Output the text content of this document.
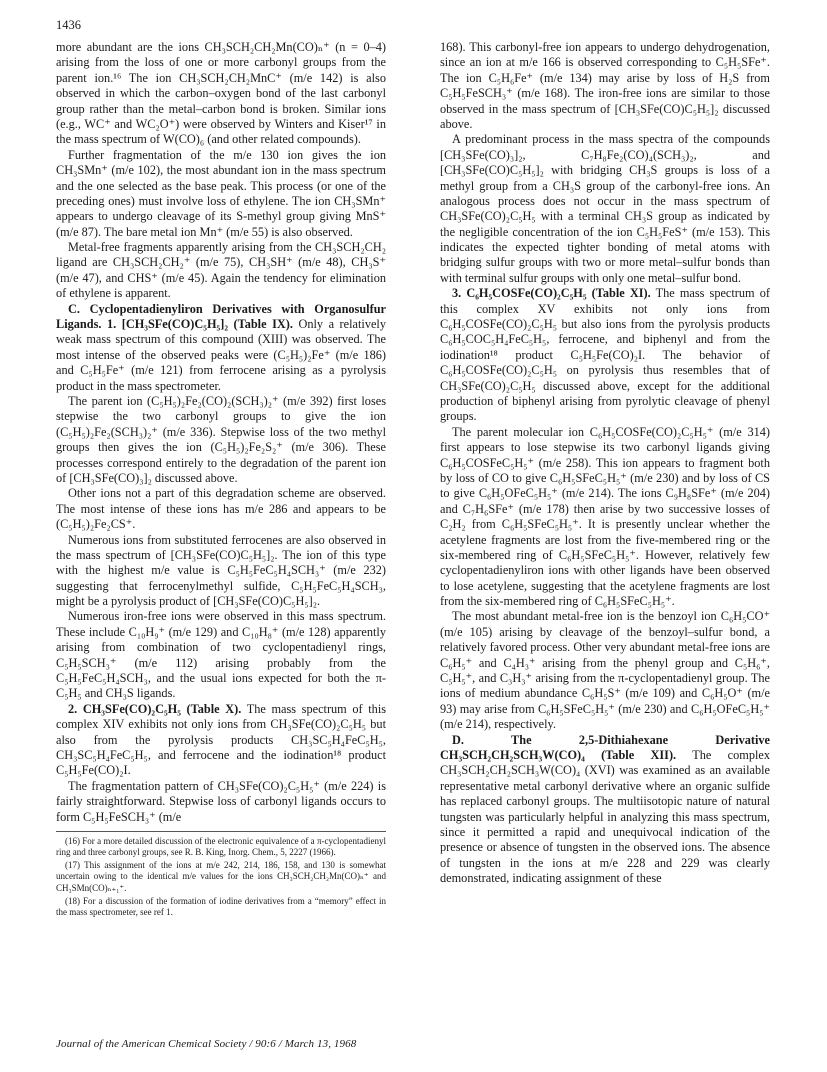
1436

more abundant are the ions CH₃SCH₂CH₂Mn(CO)ₙ⁺ (n = 0–4) arising from the loss of one or more carbonyl groups from the parent ion.¹⁶ The ion CH₃SCH₂CH₂MnC⁺ (m/e 142) is also observed in which the carbon–oxygen bond of the last carbonyl group rather than the metal–carbon bond is broken. Similar ions (e.g., WC⁺ and WC₂O⁺) were observed by Winters and Kiser¹⁷ in the mass spectrum of W(CO)₆ (and other related compounds).

Further fragmentation of the m/e 130 ion gives the ion CH₃SMn⁺ (m/e 102), the most abundant ion in the mass spectrum and the one selected as the base peak. This process (or one of the preceding ones) must involve loss of ethylene. The ion CH₃SMn⁺ appears to undergo cleavage of its S-methyl group giving MnS⁺ (m/e 87). The bare metal ion Mn⁺ (m/e 55) is also observed.

Metal-free fragments apparently arising from the CH₃SCH₂CH₂ ligand are CH₃SCH₂CH₂⁺ (m/e 75), CH₃SH⁺ (m/e 48), CH₃S⁺ (m/e 47), and CHS⁺ (m/e 45). Again the tendency for elimination of ethylene is apparent.

C. Cyclopentadienyliron Derivatives with Organosulfur Ligands. 1. [CH₃SFe(CO)C₅H₅]₂ (Table IX). Only a relatively weak mass spectrum of this compound (XIII) was observed. The most intense of the observed peaks were (C₅H₅)₂Fe⁺ (m/e 186) and C₅H₅Fe⁺ (m/e 121) from ferrocene arising as a pyrolysis product in the mass spectrometer.

The parent ion (C₅H₅)₂Fe₂(CO)₂(SCH₃)₂⁺ (m/e 392) first loses stepwise the two carbonyl groups to give the ion (C₅H₅)₂Fe₂(SCH₃)₂⁺ (m/e 336). Stepwise loss of the two methyl groups then gives the ion (C₅H₅)₂Fe₂S₂⁺ (m/e 306). These processes correspond entirely to the degradation of the parent ion of [CH₃SFe(CO)₃]₂ discussed above.

Other ions not a part of this degradation scheme are observed. The most intense of these ions has m/e 286 and appears to be (C₅H₅)₂Fe₂CS⁺.

Numerous ions from substituted ferrocenes are also observed in the mass spectrum of [CH₃SFe(CO)C₅H₅]₂. The ion of this type with the highest m/e value is C₅H₅FeC₅H₄SCH₃⁺ (m/e 232) suggesting that ferrocenylmethyl sulfide, C₅H₅FeC₅H₄SCH₃, might be a pyrolysis product of [CH₃SFe(CO)C₅H₅]₂.

Numerous iron-free ions were observed in this mass spectrum. These include C₁₀H₉⁺ (m/e 129) and C₁₀H₈⁺ (m/e 128) apparently arising from combination of two cyclopentadienyl rings, C₅H₅SCH₃⁺ (m/e 112) arising probably from the C₅H₅FeC₅H₄SCH₃, and the usual ions expected for both the π-C₅H₅ and CH₃S ligands.

2. CH₃SFe(CO)₂C₅H₅ (Table X). The mass spectrum of this complex XIV exhibits not only ions from CH₃SFe(CO)₂C₅H₅ but also from the pyrolysis products CH₃SC₅H₄FeC₅H₅, CH₃SC₅H₄FeC₅H₅, and ferrocene and the iodination¹⁸ product C₅H₅Fe(CO)₂I.

The fragmentation pattern of CH₃SFe(CO)₂C₅H₅⁺ (m/e 224) is fairly straightforward. Stepwise loss of carbonyl ligands occurs to form C₅H₅FeSCH₃⁺ (m/e

(16) For a more detailed discussion of the electronic equivalence of a π-cyclopentadienyl ring and three carbonyl groups, see R. B. King, Inorg. Chem., 5, 2227 (1966).

(17) This assignment of the ions at m/e 242, 214, 186, 158, and 130 is somewhat uncertain owing to the identical m/e values for the ions CH₃SCH₂CH₂Mn(CO)ₙ⁺ and CH₃SMn(CO)ₙ₊₁⁺.

(18) For a discussion of the formation of iodine derivatives from a “memory” effect in the mass spectrometer, see ref 1.

168). This carbonyl-free ion appears to undergo dehydrogenation, since an ion at m/e 166 is observed corresponding to C₅H₅SFe⁺. The ion C₅H₆Fe⁺ (m/e 134) may arise by loss of H₂S from C₅H₅FeSCH₃⁺ (m/e 168). The iron-free ions are similar to those observed in the mass spectrum of [CH₃SFe(CO)C₅H₅]₂ discussed above.

A predominant process in the mass spectra of the compounds [CH₃SFe(CO)₃]₂, C₇H₈Fe₂(CO)₄(SCH₃)₂, and [CH₃SFe(CO)C₅H₅]₂ with bridging CH₃S groups is loss of a methyl group from a CH₃S group of the carbonyl-free ions. An analogous process does not occur in the mass spectrum of CH₃SFe(CO)₂C₅H₅ with a terminal CH₃S group as indicated by the negligible concentration of the ion C₅H₅FeS⁺ (m/e 153). This indicates the expected tighter bonding of metal atoms with bridging sulfur groups with two or more metal–sulfur bonds than with terminal sulfur groups with only one metal–sulfur bond.

3. C₆H₅COSFe(CO)₂C₅H₅ (Table XI). The mass spectrum of this complex XV exhibits not only ions from C₆H₅COSFe(CO)₂C₅H₅ but also ions from the pyrolysis products C₆H₅COC₅H₄FeC₅H₅, ferrocene, and biphenyl and from the iodination¹⁸ product C₅H₅Fe(CO)₂I. The behavior of C₆H₅COSFe(CO)₂C₅H₅ on pyrolysis thus resembles that of CH₃SFe(CO)₂C₅H₅ discussed above, except for the additional production of biphenyl arising from pyrolytic cleavage of phenyl groups.

The parent molecular ion C₆H₅COSFe(CO)₂C₅H₅⁺ (m/e 314) first appears to lose stepwise its two carbonyl ligands giving C₆H₅COSFeC₅H₅⁺ (m/e 258). This ion appears to fragment both by loss of CO to give C₆H₅SFeC₅H₅⁺ (m/e 230) and by loss of CS to give C₆H₅OFeC₅H₅⁺ (m/e 214). The ions C₉H₈SFe⁺ (m/e 204) and C₇H₆SFe⁺ (m/e 178) then arise by two successive losses of C₂H₂ from C₆H₅SFeC₅H₅⁺. It is presently unclear whether the acetylene fragments are lost from the five-membered ring or the six-membered ring of C₆H₅SFeC₅H₅⁺. However, relatively few cyclopentadienyliron ions with other ligands have been observed to lose acetylene, suggesting that the acetylene fragments are lost from the six-membered ring of C₆H₅SFeC₅H₅⁺.

The most abundant metal-free ion is the benzoyl ion C₆H₅CO⁺ (m/e 105) arising by cleavage of the benzoyl–sulfur bond, a relatively favored process. Other very abundant metal-free ions are C₆H₅⁺ and C₄H₃⁺ arising from the phenyl group and C₅H₆⁺, C₅H₅⁺, and C₃H₃⁺ arising from the π-cyclopentadienyl group. The ions of medium abundance C₆H₅S⁺ (m/e 109) and C₆H₅O⁺ (m/e 93) may arise from C₆H₅SFeC₅H₅⁺ (m/e 230) and C₆H₅OFeC₅H₅⁺ (m/e 214), respectively.

D. The 2,5-Dithiahexane Derivative CH₃SCH₂CH₂SCH₃W(CO)₄ (Table XII). The complex CH₃SCH₂CH₂SCH₃W(CO)₄ (XVI) was examined as an available representative metal carbonyl derivative where an organic sulfide has replaced carbonyl groups. The multiisotopic nature of natural tungsten was particularly helpful in analyzing this mass spectrum, since it permitted a rapid and unequivocal indication of the presence or absence of tungsten in the observed ions. The absence of tungsten in the ions at m/e 228 and 229 was clearly demonstrated, indicating assignment of these

Journal of the American Chemical Society / 90:6 / March 13, 1968
